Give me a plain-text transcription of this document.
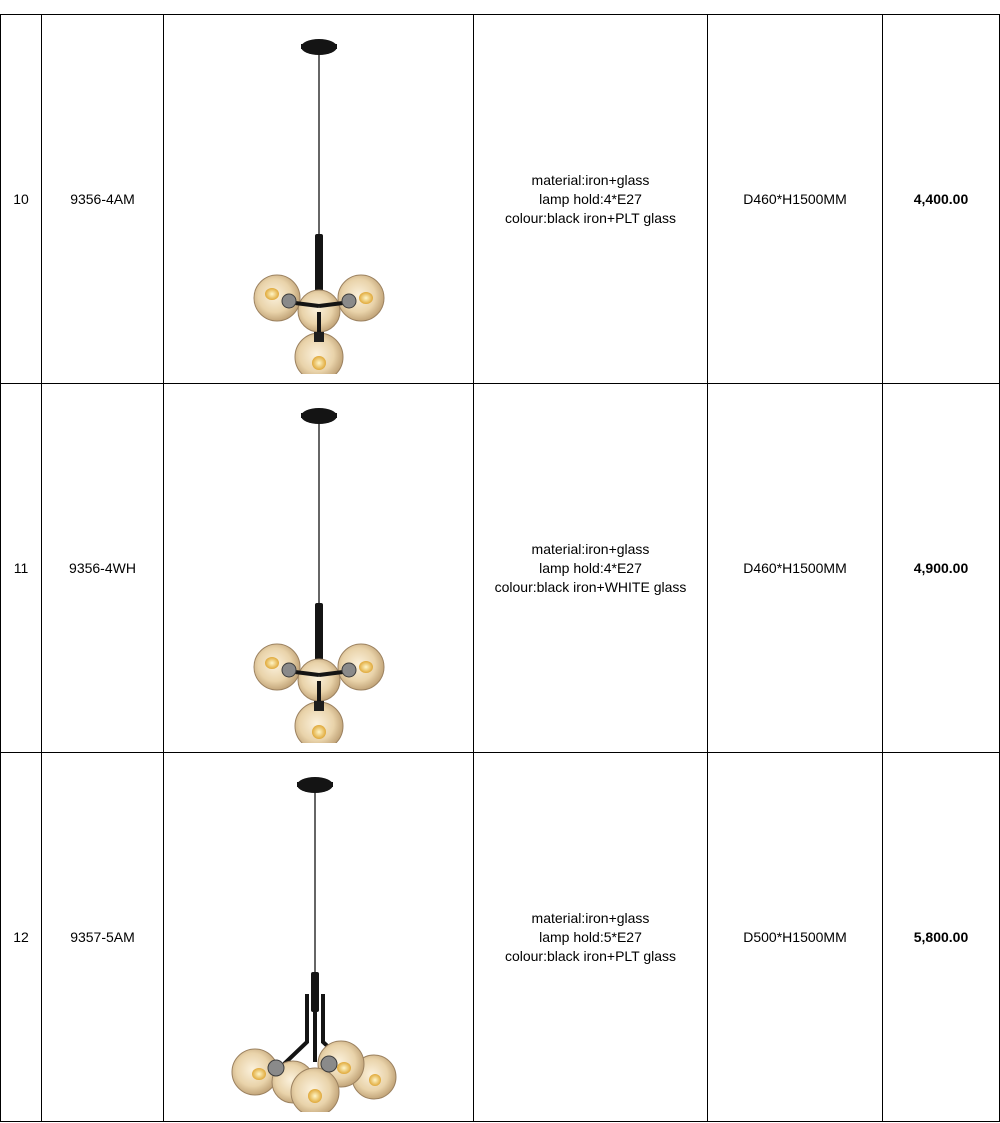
10	9356-4AM		material:iron+glass
lamp hold:4*E27
colour:black iron+PLT glass	D460*H1500MM	4,400.00
11	9356-4WH		material:iron+glass
lamp hold:4*E27
colour:black iron+WHITE glass	D460*H1500MM	4,900.00
12	9357-5AM		material:iron+glass
lamp hold:5*E27
colour:black iron+PLT glass	D500*H1500MM	5,800.00
